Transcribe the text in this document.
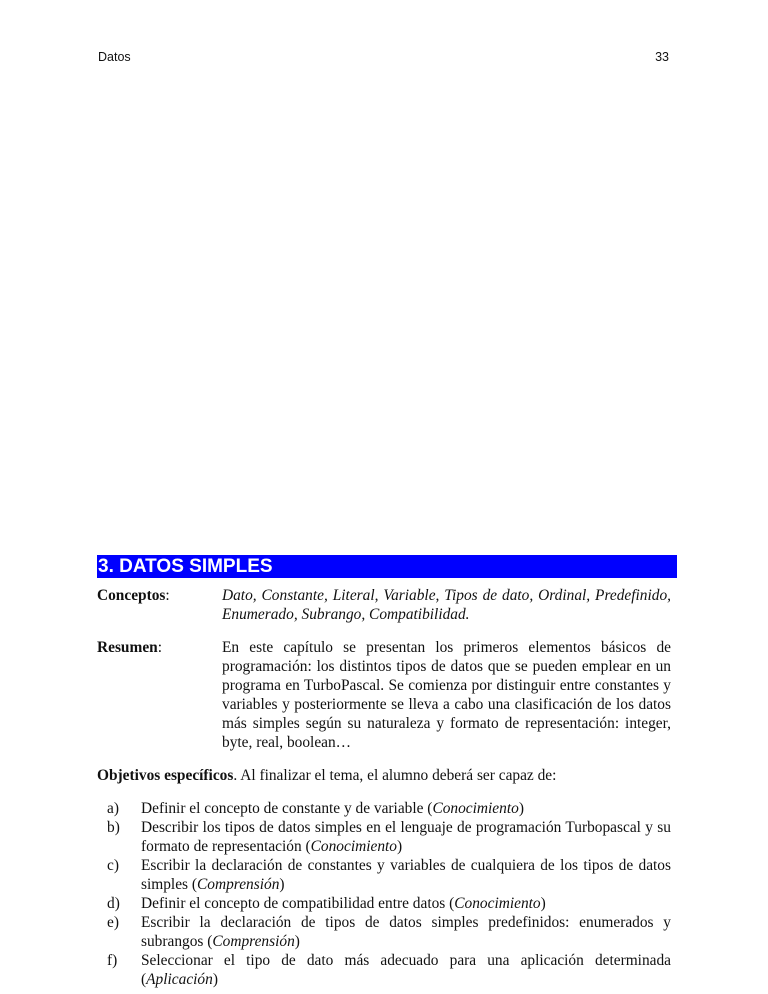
Datos	33
3. DATOS SIMPLES
Conceptos:	Dato, Constante, Literal, Variable, Tipos de dato, Ordinal, Predefinido, Enumerado, Subrango, Compatibilidad.
Resumen:	En este capítulo se presentan los primeros elementos básicos de programación: los distintos tipos de datos que se pueden emplear en un programa en TurboPascal. Se comienza por distinguir entre constantes y variables y posteriormente se lleva a cabo una clasificación de los datos más simples según su naturaleza y formato de representación: integer, byte, real, boolean…
Objetivos específicos. Al finalizar el tema, el alumno deberá ser capaz de:
a) Definir el concepto de constante y de variable (Conocimiento)
b) Describir los tipos de datos simples en el lenguaje de programación Turbopascal y su formato de representación (Conocimiento)
c) Escribir la declaración de constantes y variables de cualquiera de los tipos de datos simples (Comprensión)
d) Definir el concepto de compatibilidad entre datos (Conocimiento)
e) Escribir la declaración de tipos de datos simples predefinidos: enumerados y subrangos (Comprensión)
f) Seleccionar el tipo de dato más adecuado para una aplicación determinada (Aplicación)
